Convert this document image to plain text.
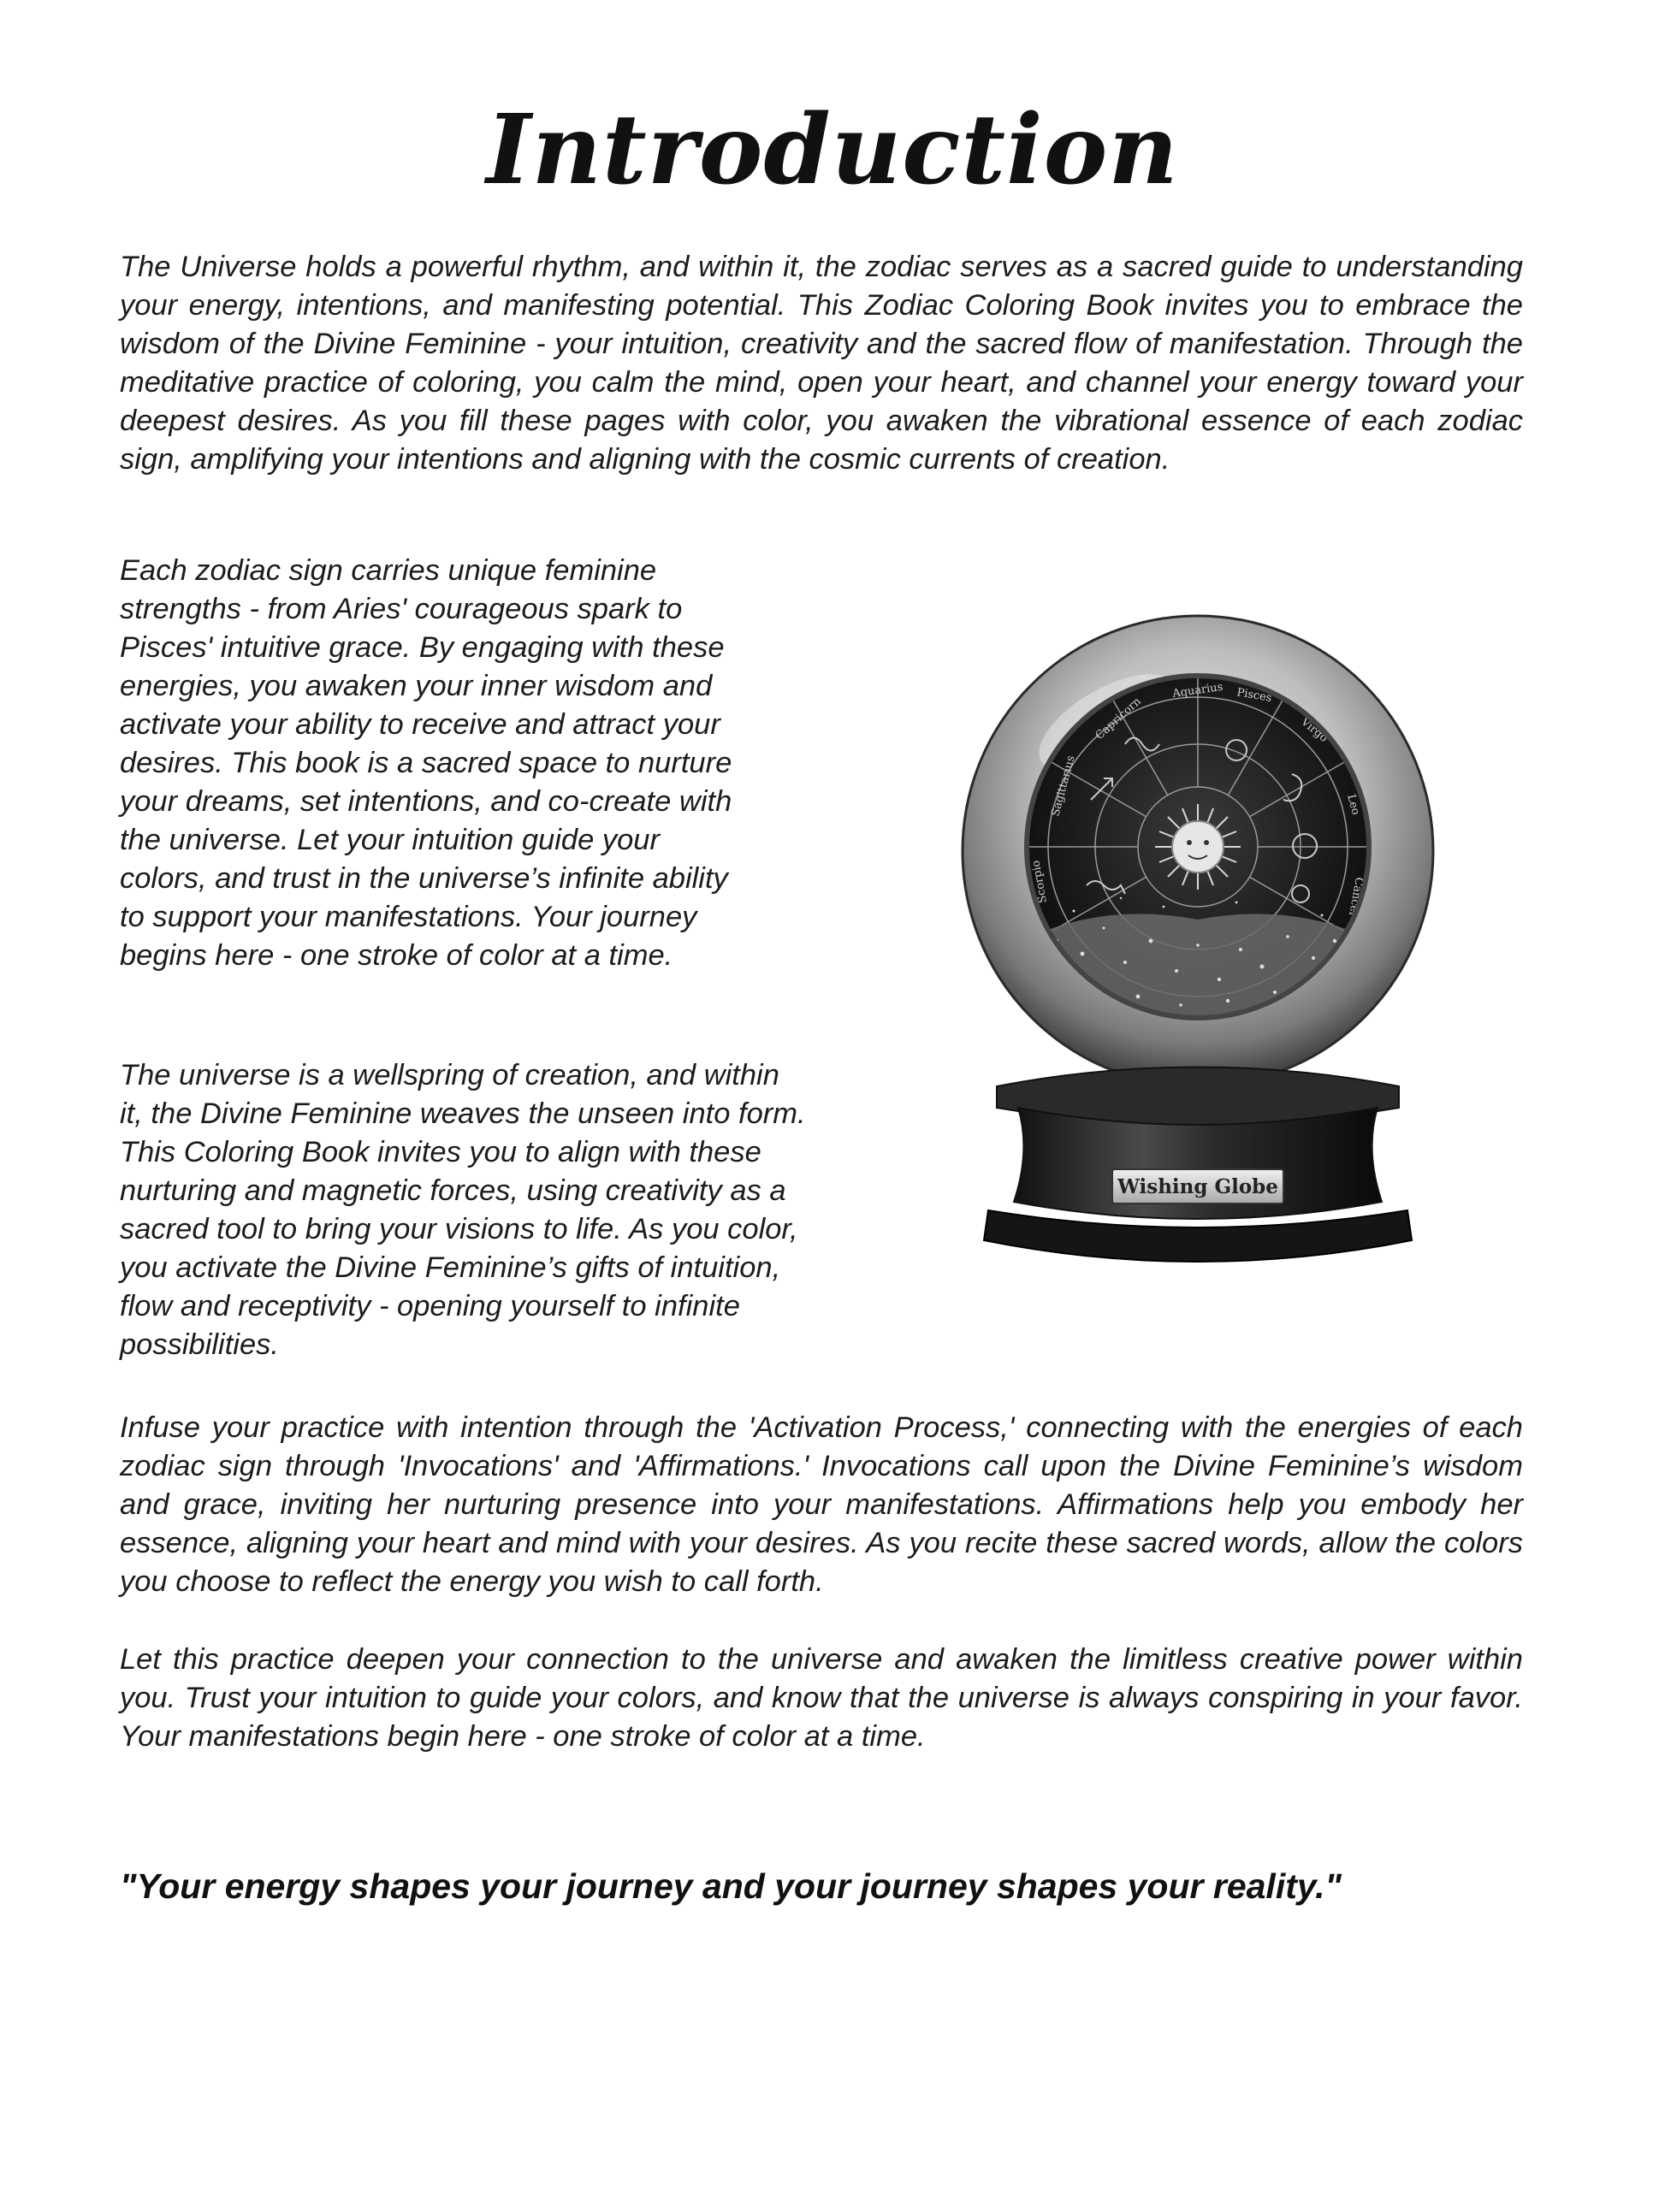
Introduction

The Universe holds a powerful rhythm, and within it, the zodiac serves as a sacred guide to understanding your energy, intentions, and manifesting potential. This Zodiac Coloring Book invites you to embrace the wisdom of the Divine Feminine - your intuition, creativity and the sacred flow of manifestation. Through the meditative practice of coloring, you calm the mind, open your heart, and channel your energy toward your deepest desires. As you fill these pages with color, you awaken the vibrational essence of each zodiac sign, amplifying your intentions and aligning with the cosmic currents of creation.

Each zodiac sign carries unique feminine strengths - from Aries' courageous spark to Pisces' intuitive grace. By engaging with these energies, you awaken your inner wisdom and activate your ability to receive and attract your desires. This book is a sacred space to nurture your dreams, set intentions, and co-create with the universe. Let your intuition guide your colors, and trust in the universe’s infinite ability to support your manifestations. Your journey begins here - one stroke of color at a time.

The universe is a wellspring of creation, and within it, the Divine Feminine weaves the unseen into form. This Coloring Book invites you to align with these nurturing and magnetic forces, using creativity as a sacred tool to bring your visions to life. As you color, you activate the Divine Feminine’s gifts of intuition, flow and receptivity - opening yourself to infinite possibilities.

Infuse your practice with intention through the 'Activation Process,' connecting with the energies of each zodiac sign through 'Invocations' and 'Affirmations.' Invocations call upon the Divine Feminine’s wisdom and grace, inviting her nurturing presence into your manifestations. Affirmations help you embody her essence, aligning your heart and mind with your desires. As you recite these sacred words, allow the colors you choose to reflect the energy you wish to call forth.

Let this practice deepen your connection to the universe and awaken the limitless creative power within you. Trust your intuition to guide your colors, and know that the universe is always conspiring in your favor. Your manifestations begin here - one stroke of color at a time.

"Your energy shapes your journey and your journey shapes your reality."
Aquarius Pisces
Capricorn	Virgo
Sagittarius	Leo
Scorpio	Cancer
Wishing Globe
